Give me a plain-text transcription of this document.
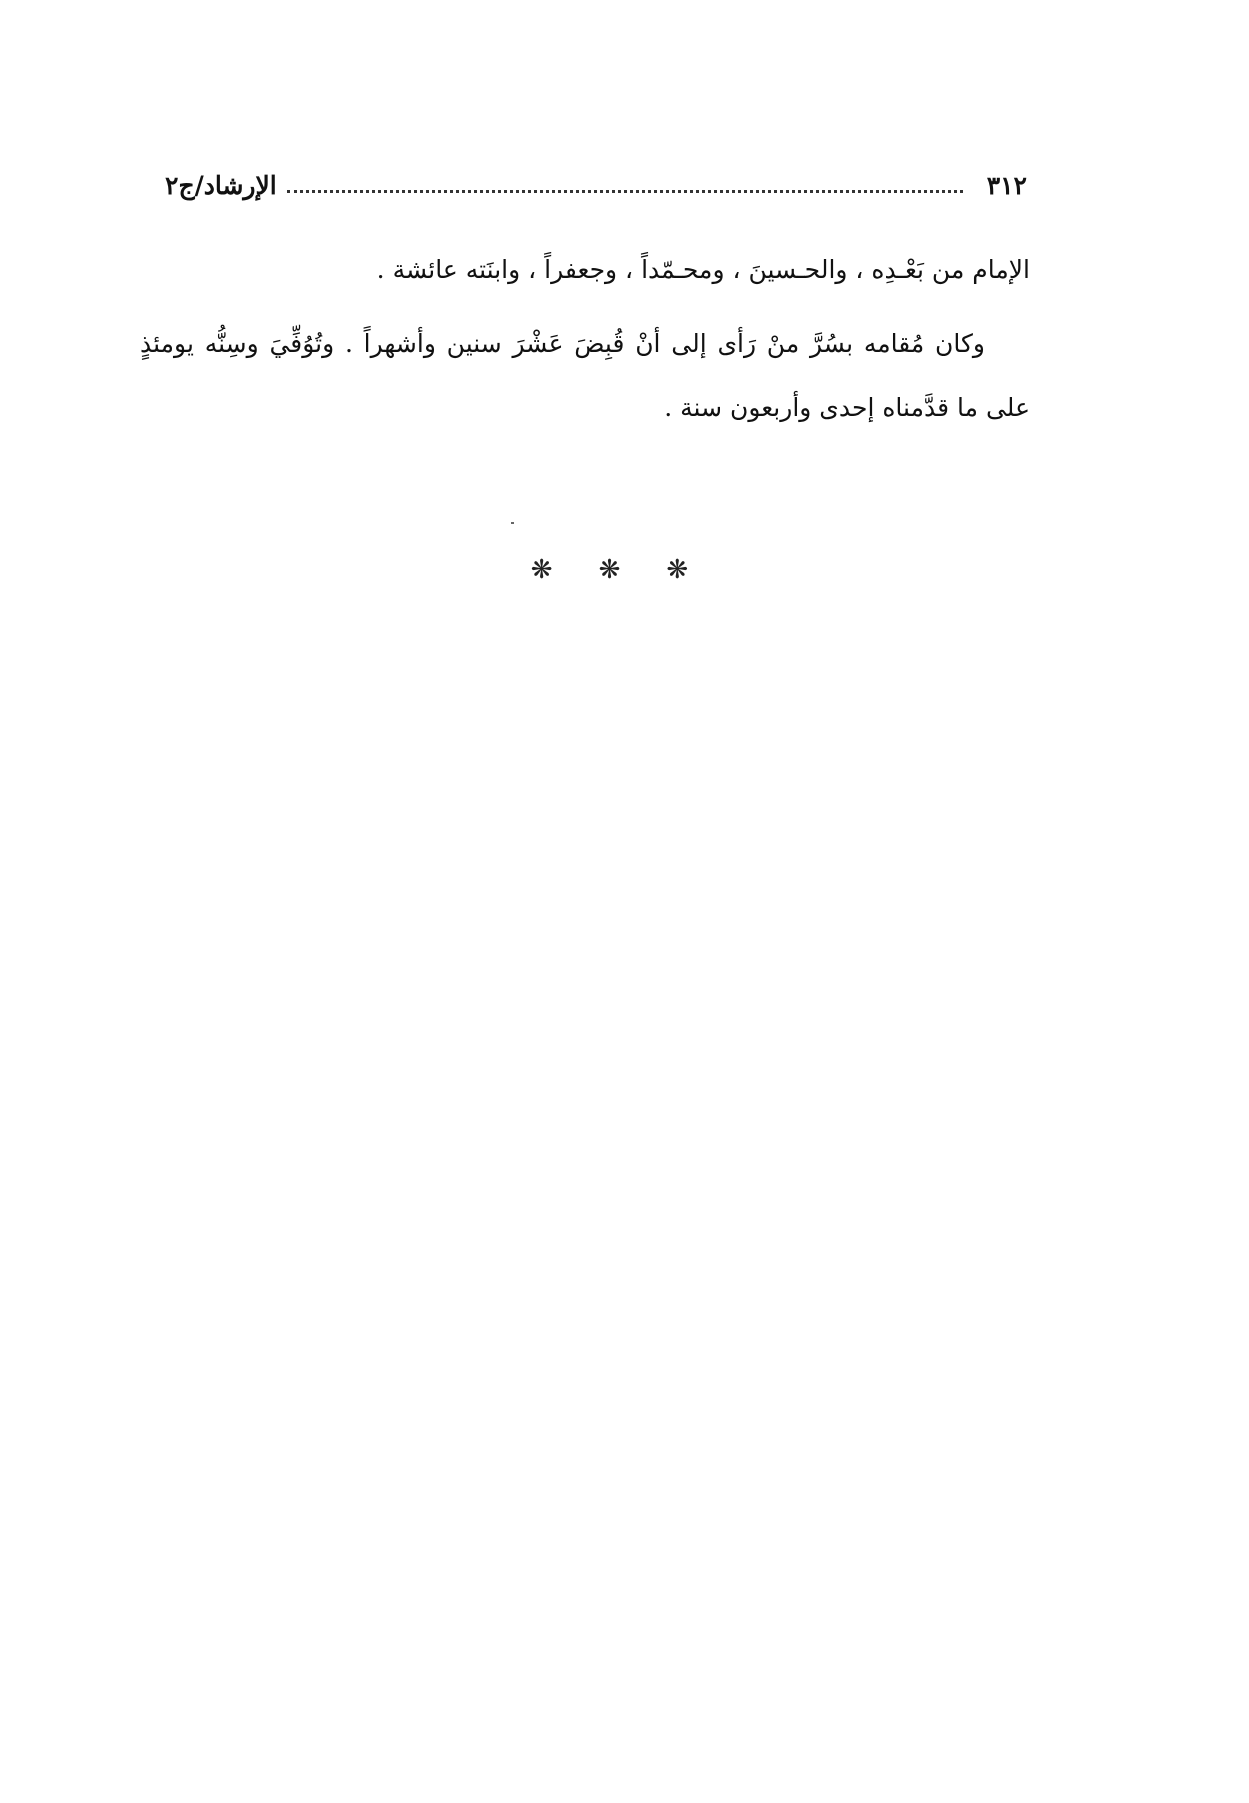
٣١٢
الإرشاد/ج٢

الإمام من بَعْـدِه ، والحـسينَ ، ومحـمّداً ، وجعفراً ، وابنَته عائشة .

وكان مُقامه بسُرَّ منْ رَأى إلى أنْ قُبِضَ عَشْرَ سنين وأشهراً . وتُوُفِّيَ وسِنُّه يومئذٍ على ما قدَّمناه إحدى وأربعون سنة .

❋ ❋ ❋
